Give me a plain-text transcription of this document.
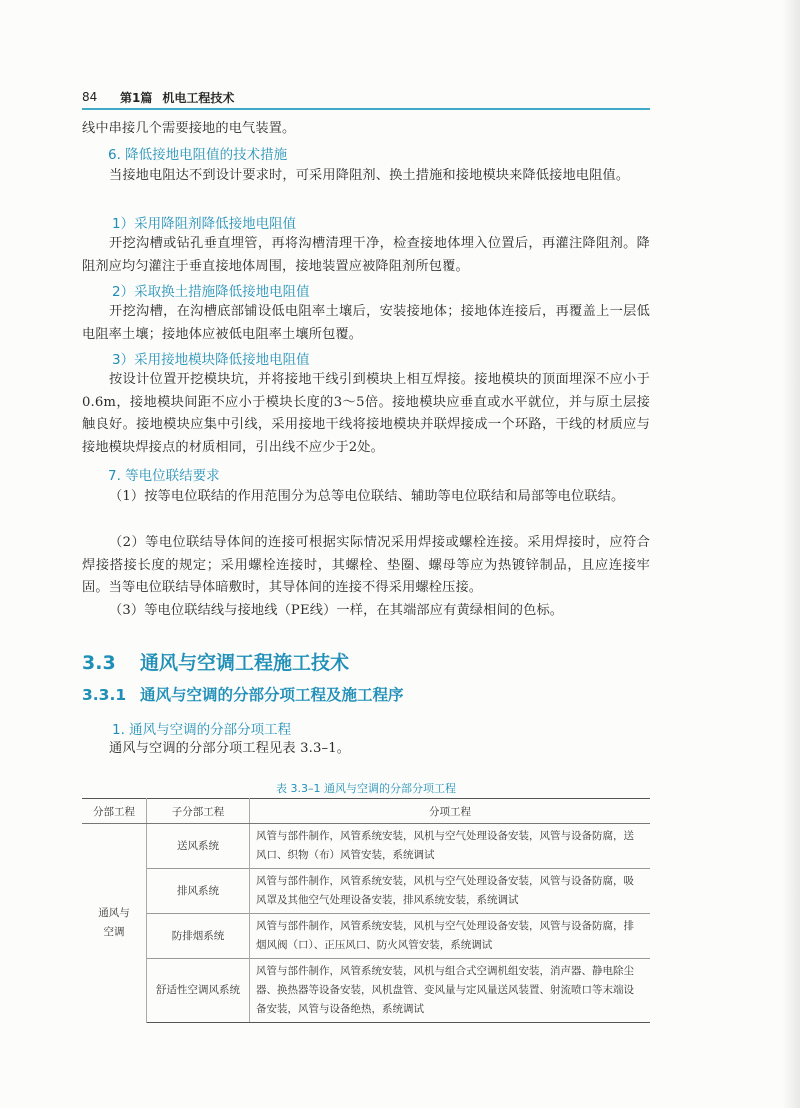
84	第1篇 机电工程技术
线中串接几个需要接地的电气装置。
6. 降低接地电阻值的技术措施
当接地电阻达不到设计要求时，可采用降阻剂、换土措施和接地模块来降低接地电阻值。
1）采用降阻剂降低接地电阻值
开挖沟槽或钻孔垂直埋管，再将沟槽清理干净，检查接地体埋入位置后，再灌注降阻剂。降阻剂应均匀灌注于垂直接地体周围，接地装置应被降阻剂所包覆。
2）采取换土措施降低接地电阻值
开挖沟槽，在沟槽底部铺设低电阻率土壤后，安装接地体；接地体连接后，再覆盖上一层低电阻率土壤；接地体应被低电阻率土壤所包覆。
3）采用接地模块降低接地电阻值
按设计位置开挖模块坑，并将接地干线引到模块上相互焊接。接地模块的顶面埋深不应小于0.6m，接地模块间距不应小于模块长度的3～5倍。接地模块应垂直或水平就位，并与原土层接触良好。接地模块应集中引线，采用接地干线将接地模块并联焊接成一个环路，干线的材质应与接地模块焊接点的材质相同，引出线不应少于2处。
7. 等电位联结要求
（1）按等电位联结的作用范围分为总等电位联结、辅助等电位联结和局部等电位联结。
（2）等电位联结导体间的连接可根据实际情况采用焊接或螺栓连接。采用焊接时，应符合焊接搭接长度的规定；采用螺栓连接时，其螺栓、垫圈、螺母等应为热镀锌制品，且应连接牢固。当等电位联结导体暗敷时，其导体间的连接不得采用螺栓压接。
（3）等电位联结线与接地线（PE线）一样，在其端部应有黄绿相间的色标。
3.3 通风与空调工程施工技术
3.3.1 通风与空调的分部分项工程及施工程序
1. 通风与空调的分部分项工程
通风与空调的分部分项工程见表 3.3–1。
表 3.3–1 通风与空调的分部分项工程
分部工程	子分部工程	分项工程
通风与
空调	送风系统	风管与部件制作，风管系统安装，风机与空气处理设备安装，风管与设备防腐，送风口、织物（布）风管安装，系统调试
	排风系统	风管与部件制作，风管系统安装，风机与空气处理设备安装，风管与设备防腐，吸风罩及其他空气处理设备安装，排风系统安装，系统调试
	防排烟系统	风管与部件制作，风管系统安装，风机与空气处理设备安装，风管与设备防腐，排烟风阀（口）、正压风口、防火风管安装，系统调试
	舒适性空调风系统	风管与部件制作，风管系统安装，风机与组合式空调机组安装，消声器、静电除尘器、换热器等设备安装，风机盘管、变风量与定风量送风装置、射流喷口等末端设备安装，风管与设备绝热，系统调试
